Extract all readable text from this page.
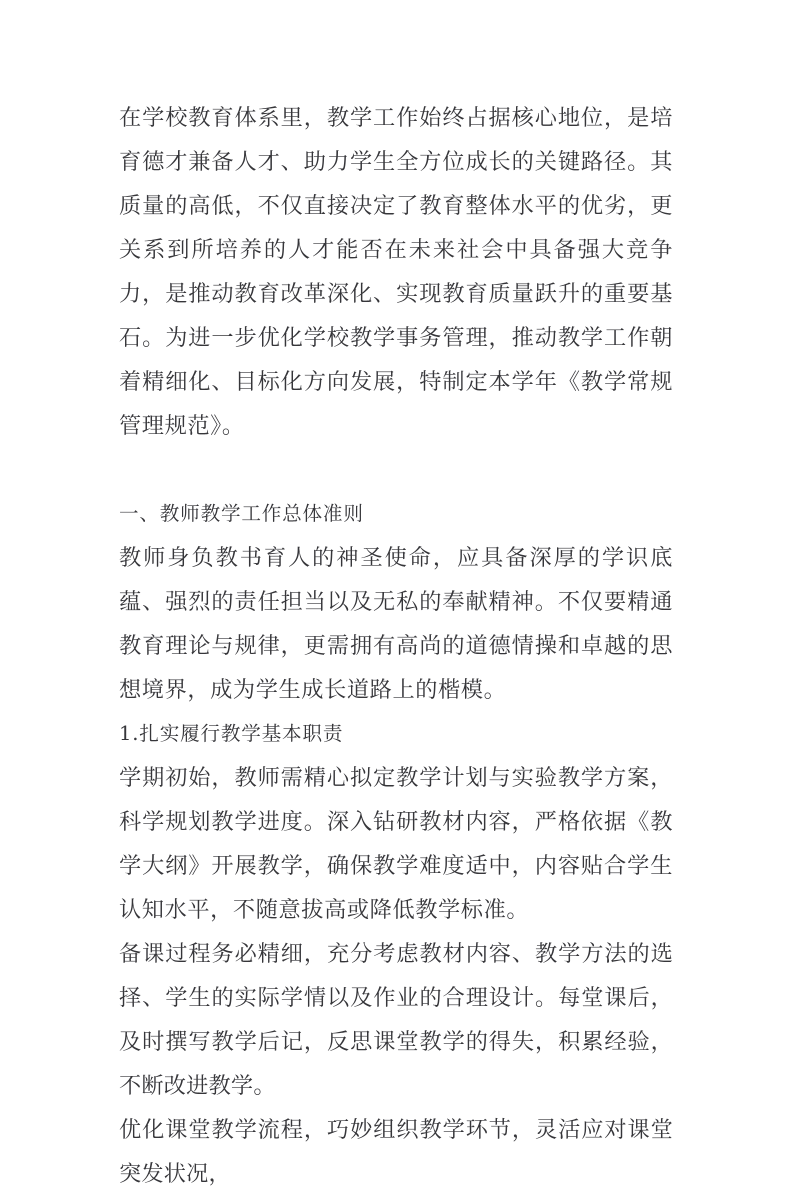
在学校教育体系里，教学工作始终占据核心地位，是培育德才兼备人才、助力学生全方位成长的关键路径。其质量的高低，不仅直接决定了教育整体水平的优劣，更关系到所培养的人才能否在未来社会中具备强大竞争力，是推动教育改革深化、实现教育质量跃升的重要基石。为进一步优化学校教学事务管理，推动教学工作朝着精细化、目标化方向发展，特制定本学年《教学常规管理规范》。

一、教师教学工作总体准则

教师身负教书育人的神圣使命，应具备深厚的学识底蕴、强烈的责任担当以及无私的奉献精神。不仅要精通教育理论与规律，更需拥有高尚的道德情操和卓越的思想境界，成为学生成长道路上的楷模。

1.扎实履行教学基本职责

学期初始，教师需精心拟定教学计划与实验教学方案，科学规划教学进度。深入钻研教材内容，严格依据《教学大纲》开展教学，确保教学难度适中，内容贴合学生认知水平，不随意拔高或降低教学标准。

备课过程务必精细，充分考虑教材内容、教学方法的选择、学生的实际学情以及作业的合理设计。每堂课后，及时撰写教学后记，反思课堂教学的得失，积累经验，不断改进教学。

优化课堂教学流程，巧妙组织教学环节，灵活应对课堂突发状况，
